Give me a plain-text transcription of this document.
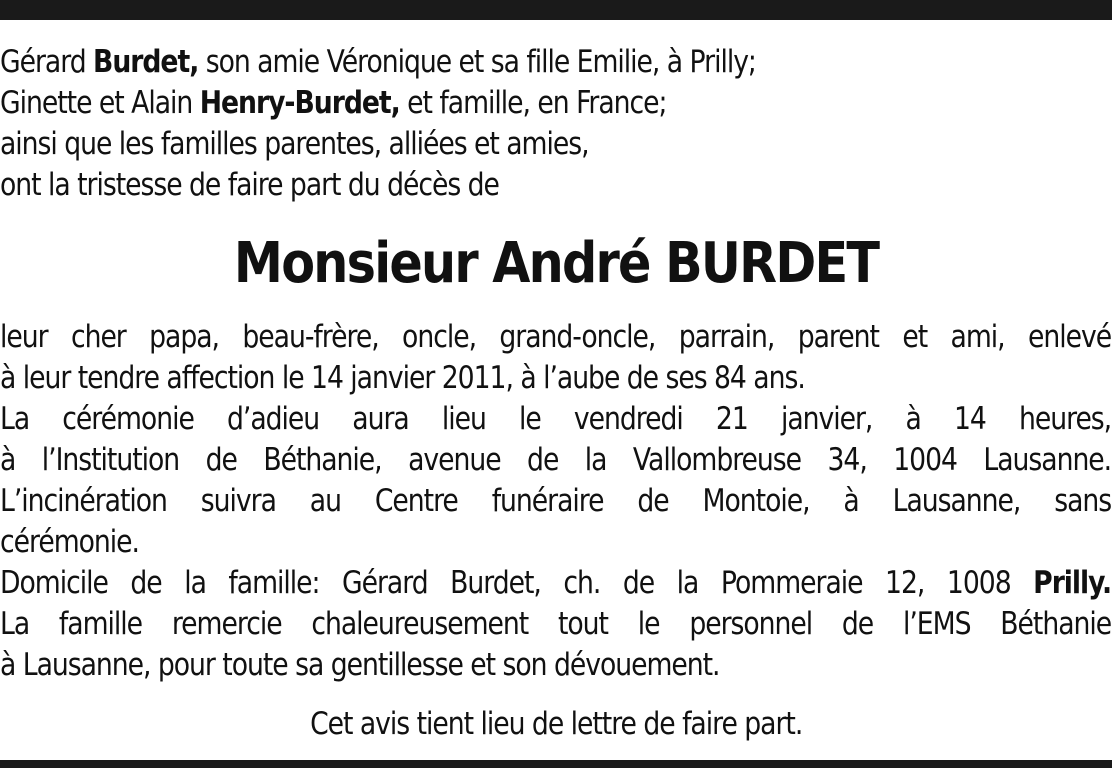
Gérard Burdet, son amie Véronique et sa fille Emilie, à Prilly;
Ginette et Alain Henry-Burdet, et famille, en France;
ainsi que les familles parentes, alliées et amies,
ont la tristesse de faire part du décès de
Monsieur André BURDET
leur cher papa, beau-frère, oncle, grand-oncle, parrain, parent et ami, enlevé
à leur tendre affection le 14 janvier 2011, à l’aube de ses 84 ans.
La cérémonie d’adieu aura lieu le vendredi 21 janvier, à 14 heures,
à l’Institution de Béthanie, avenue de la Vallombreuse 34, 1004 Lausanne.
L’incinération suivra au Centre funéraire de Montoie, à Lausanne, sans
cérémonie.
Domicile de la famille: Gérard Burdet, ch. de la Pommeraie 12, 1008 Prilly.
La famille remercie chaleureusement tout le personnel de l’EMS Béthanie
à Lausanne, pour toute sa gentillesse et son dévouement.
Cet avis tient lieu de lettre de faire part.
